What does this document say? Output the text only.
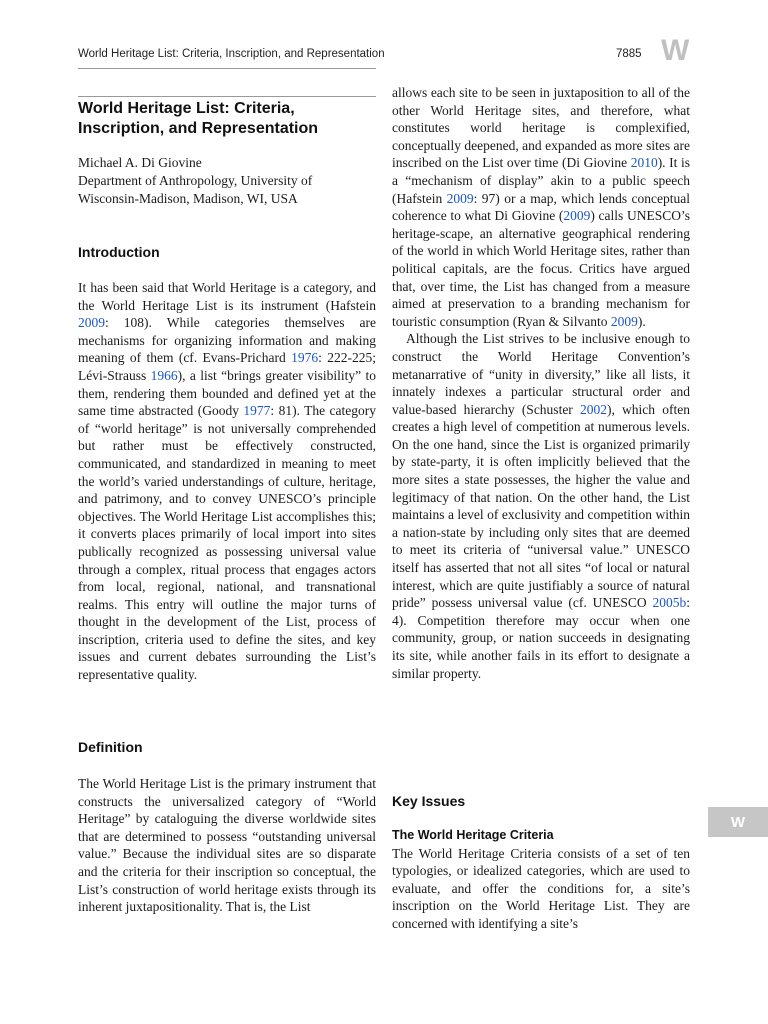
World Heritage List: Criteria, Inscription, and Representation	7885 W
W

World Heritage List: Criteria,

Inscription, and Representation

Michael A. Di Giovine

Department of Anthropology, University of

Wisconsin-Madison, Madison, WI, USA

Introduction

It has been said that World Heritage is a category, and the World Heritage List is its instrument (Hafstein 2009: 108). While categories themselves are mechanisms for organizing information and making meaning of them (cf. Evans-Prichard 1976: 222-225; Lévi-Strauss 1966), a list “brings greater visibility” to them, rendering them bounded and defined yet at the same time abstracted (Goody 1977: 81). The category of “world heritage” is not universally comprehended but rather must be effectively constructed, communicated, and standardized in meaning to meet the world’s varied understandings of culture, heritage, and patrimony, and to convey UNESCO’s principle objectives. The World Heritage List accomplishes this; it converts places primarily of local import into sites publically recognized as possessing universal value through a complex, ritual process that engages actors from local, regional, national, and transnational realms. This entry will outline the major turns of thought in the development of the List, process of inscription, criteria used to define the sites, and key issues and current debates surrounding the List’s representative quality.

Definition

The World Heritage List is the primary instrument that constructs the universalized category of “World Heritage” by cataloguing the diverse worldwide sites that are determined to possess “outstanding universal value.” Because the individual sites are so disparate and the criteria for their inscription so conceptual, the List’s construction of world heritage exists through its inherent juxtapositionality. That is, the List

allows each site to be seen in juxtaposition to all of the other World Heritage sites, and therefore, what constitutes world heritage is complexified, conceptually deepened, and expanded as more sites are inscribed on the List over time (Di Giovine 2010). It is a “mechanism of display” akin to a public speech (Hafstein 2009: 97) or a map, which lends conceptual coherence to what Di Giovine (2009) calls UNESCO’s heritage-scape, an alternative geographical rendering of the world in which World Heritage sites, rather than political capitals, are the focus. Critics have argued that, over time, the List has changed from a measure aimed at preservation to a branding mechanism for touristic consumption (Ryan & Silvanto 2009).

Although the List strives to be inclusive enough to construct the World Heritage Convention’s metanarrative of “unity in diversity,” like all lists, it innately indexes a particular structural order and value-based hierarchy (Schuster 2002), which often creates a high level of competition at numerous levels. On the one hand, since the List is organized primarily by state-party, it is often implicitly believed that the more sites a state possesses, the higher the value and legitimacy of that nation. On the other hand, the List maintains a level of exclusivity and competition within a nation-state by including only sites that are deemed to meet its criteria of “universal value.” UNESCO itself has asserted that not all sites “of local or natural interest, which are quite justifiably a source of natural pride” possess universal value (cf. UNESCO 2005b: 4). Competition therefore may occur when one community, group, or nation succeeds in designating its site, while another fails in its effort to designate a similar property.

Key Issues

The World Heritage Criteria

The World Heritage Criteria consists of a set of ten typologies, or idealized categories, which are used to evaluate, and offer the conditions for, a site’s inscription on the World Heritage List. They are concerned with identifying a site’s
